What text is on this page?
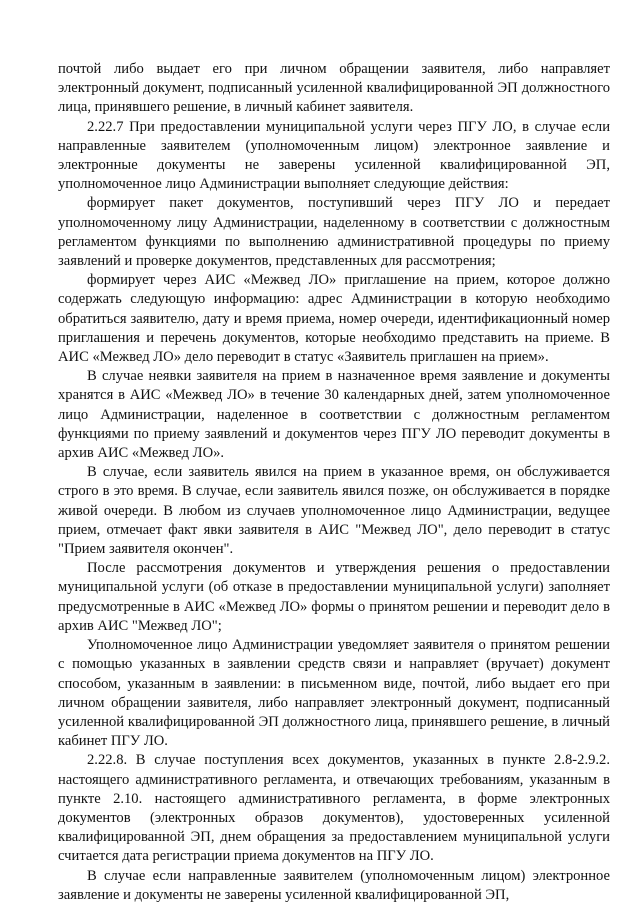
почтой либо выдает его при личном обращении заявителя, либо направляет электронный документ, подписанный усиленной квалифицированной ЭП должностного лица, принявшего решение, в личный кабинет заявителя.

2.22.7 При предоставлении муниципальной услуги через ПГУ ЛО, в случае если направленные заявителем (уполномоченным лицом) электронное заявление и электронные документы не заверены усиленной квалифицированной ЭП, уполномоченное лицо Администрации выполняет следующие действия:

формирует пакет документов, поступивший через ПГУ ЛО и передает уполномоченному лицу Администрации, наделенному в соответствии с должностным регламентом функциями по выполнению административной процедуры по приему заявлений и проверке документов, представленных для рассмотрения;

формирует через АИС «Межвед ЛО» приглашение на прием, которое должно содержать следующую информацию: адрес Администрации в которую необходимо обратиться заявителю, дату и время приема, номер очереди, идентификационный номер приглашения и перечень документов, которые необходимо представить на приеме. В АИС «Межвед ЛО» дело переводит в статус «Заявитель приглашен на прием».

В случае неявки заявителя на прием в назначенное время заявление и документы хранятся в АИС «Межвед ЛО» в течение 30 календарных дней, затем уполномоченное лицо Администрации, наделенное в соответствии с должностным регламентом функциями по приему заявлений и документов через ПГУ ЛО переводит документы в архив АИС «Межвед ЛО».

В случае, если заявитель явился на прием в указанное время, он обслуживается строго в это время. В случае, если заявитель явился позже, он обслуживается в порядке живой очереди. В любом из случаев уполномоченное лицо Администрации, ведущее прием, отмечает факт явки заявителя в АИС "Межвед ЛО", дело переводит в статус "Прием заявителя окончен".

После рассмотрения документов и утверждения решения о предоставлении муниципальной услуги (об отказе в предоставлении муниципальной услуги) заполняет предусмотренные в АИС «Межвед ЛО» формы о принятом решении и переводит дело в архив АИС "Межвед ЛО";

Уполномоченное лицо Администрации уведомляет заявителя о принятом решении с помощью указанных в заявлении средств связи и направляет (вручает) документ способом, указанным в заявлении: в письменном виде, почтой, либо выдает его при личном обращении заявителя, либо направляет электронный документ, подписанный усиленной квалифицированной ЭП должностного лица, принявшего решение, в личный кабинет ПГУ ЛО.

2.22.8. В случае поступления всех документов, указанных в пункте 2.8-2.9.2. настоящего административного регламента, и отвечающих требованиям, указанным в пункте 2.10. настоящего административного регламента, в форме электронных документов (электронных образов документов), удостоверенных усиленной квалифицированной ЭП, днем обращения за предоставлением муниципальной услуги считается дата регистрации приема документов на ПГУ ЛО.

В случае если направленные заявителем (уполномоченным лицом) электронное заявление и документы не заверены усиленной квалифицированной ЭП,
